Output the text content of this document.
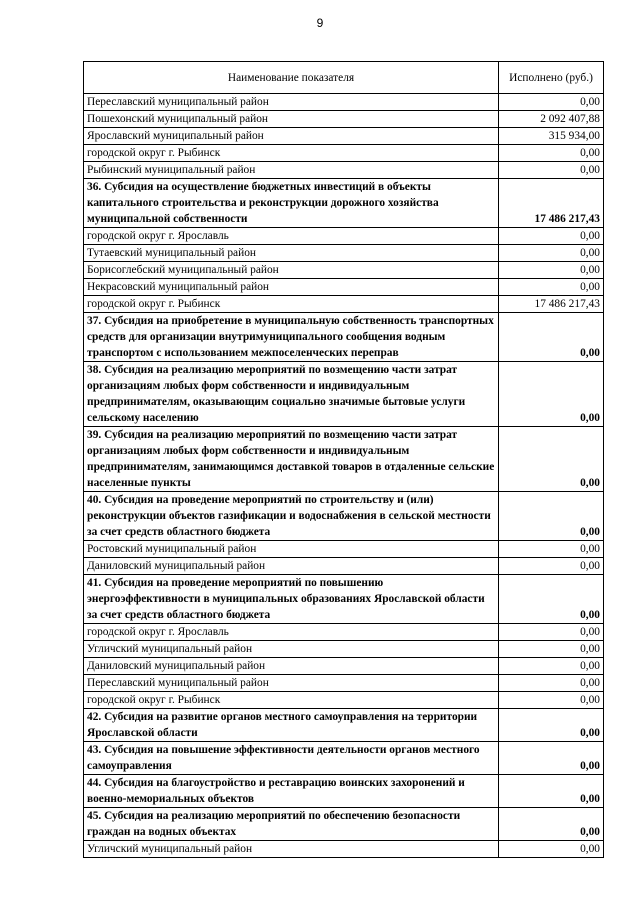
9
Наименование показателя	Исполнено (руб.)
Переславский муниципальный район	0,00
Пошехонский муниципальный район	2 092 407,88
Ярославский муниципальный район	315 934,00
городской округ г. Рыбинск	0,00
Рыбинский муниципальный район	0,00
36. Субсидия на осуществление бюджетных инвестиций в объекты капитального строительства и реконструкции дорожного хозяйства муниципальной собственности	17 486 217,43
городской округ г. Ярославль	0,00
Тутаевский муниципальный район	0,00
Борисоглебский муниципальный район	0,00
Некрасовский муниципальный район	0,00
городской округ г. Рыбинск	17 486 217,43
37. Субсидия на приобретение в муниципальную собственность транспортных средств для организации внутримуниципального сообщения водным транспортом с использованием межпоселенческих переправ	0,00
38. Субсидия на реализацию мероприятий по возмещению части затрат организациям любых форм собственности и индивидуальным предпринимателям, оказывающим социально значимые бытовые услуги сельскому населению	0,00
39. Субсидия на реализацию мероприятий по возмещению части затрат организациям любых форм собственности и индивидуальным предпринимателям, занимающимся доставкой товаров в отдаленные сельские населенные пункты	0,00
40. Субсидия на проведение мероприятий по строительству и (или) реконструкции объектов газификации и водоснабжения в сельской местности за счет средств областного бюджета	0,00
Ростовский муниципальный район	0,00
Даниловский муниципальный район	0,00
41. Субсидия на проведение мероприятий по повышению энергоэффективности в муниципальных образованиях Ярославской области за счет средств областного бюджета	0,00
городской округ г. Ярославль	0,00
Угличский муниципальный район	0,00
Даниловский муниципальный район	0,00
Переславский муниципальный район	0,00
городской округ г. Рыбинск	0,00
42. Субсидия на развитие органов местного самоуправления на территории Ярославской области	0,00
43. Субсидия на повышение эффективности деятельности органов местного самоуправления	0,00
44. Субсидия на благоустройство и реставрацию воинских захоронений и военно-мемориальных объектов	0,00
45. Субсидия на реализацию мероприятий по обеспечению безопасности граждан на водных объектах	0,00
Угличский муниципальный район	0,00
